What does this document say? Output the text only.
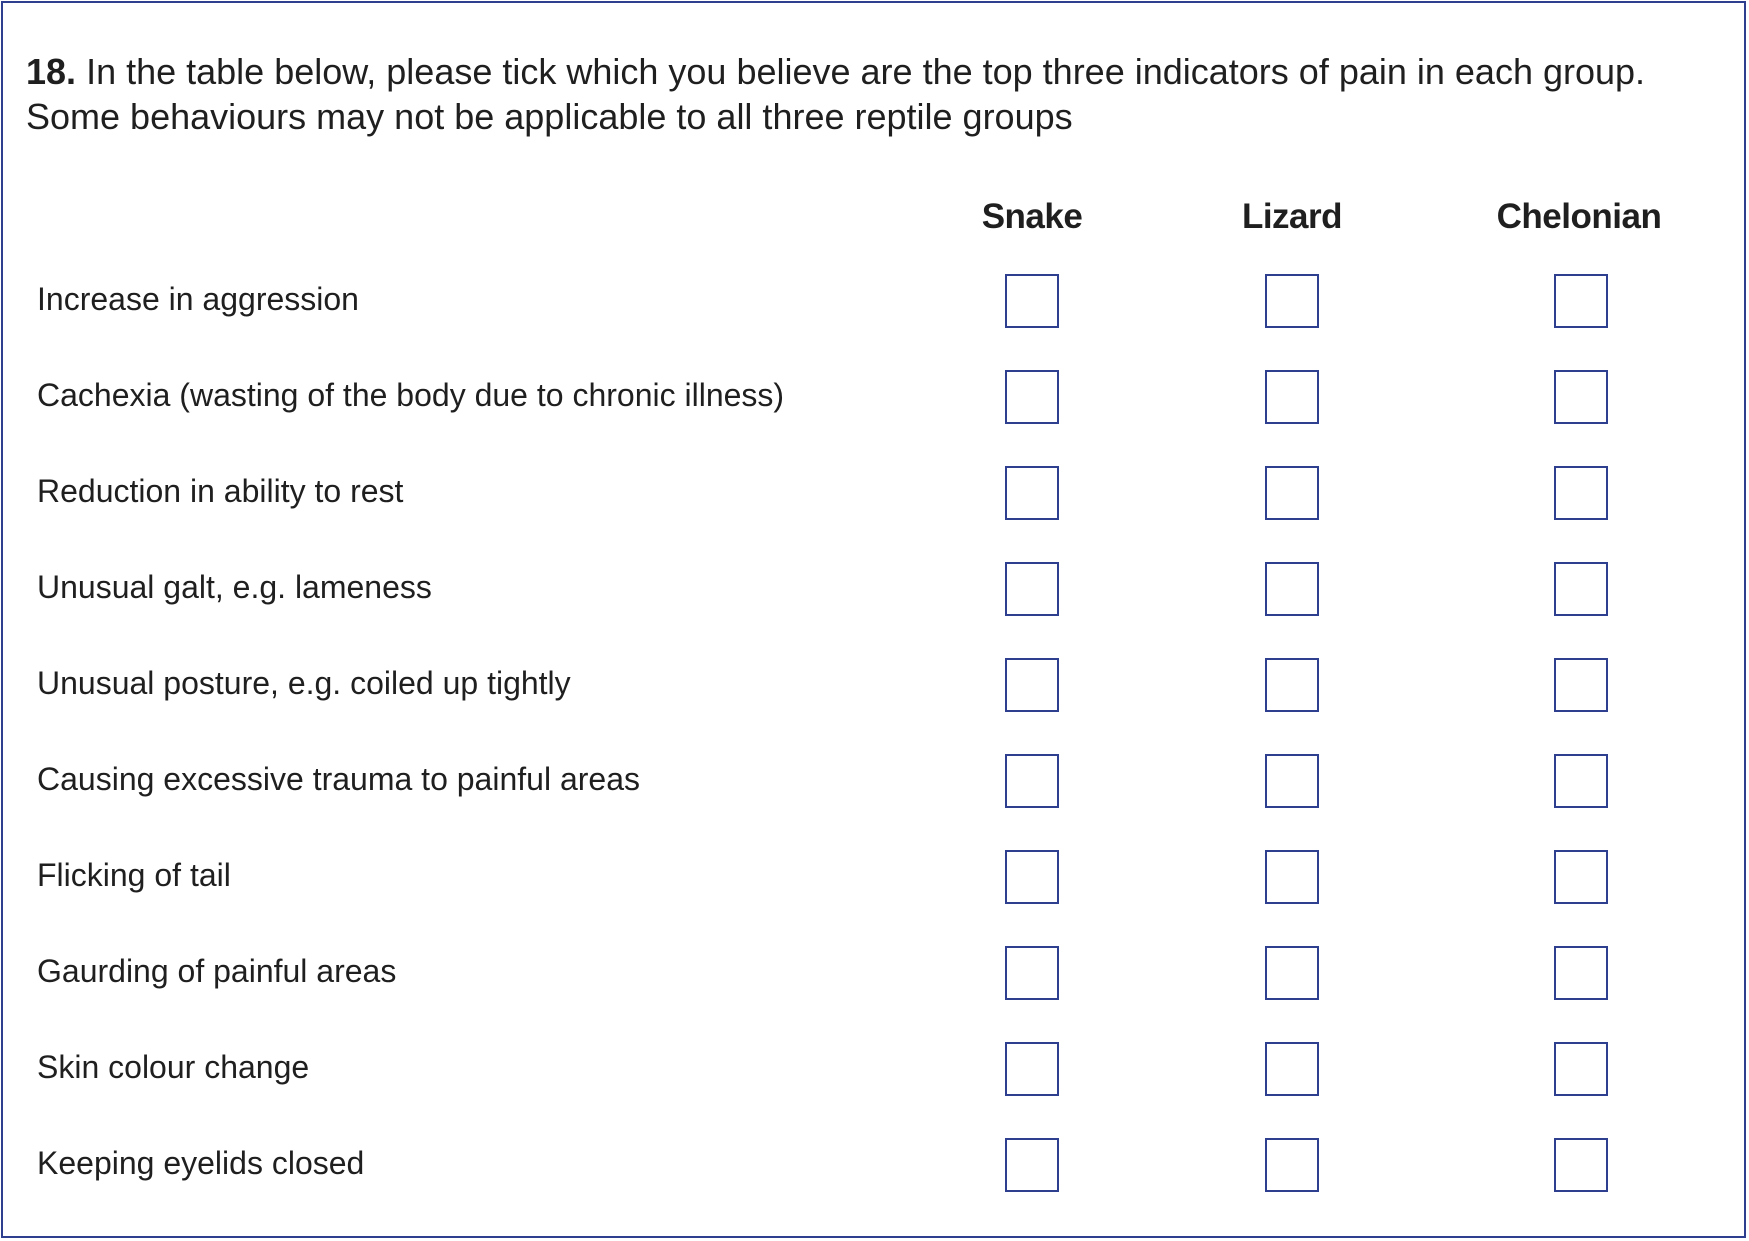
18. In the table below, please tick which you believe are the top three indicators of pain in each group.
Some behaviours may not be applicable to all three reptile groups
Snake	Lizard	Chelonian
Increase in aggression
Cachexia (wasting of the body due to chronic illness)
Reduction in ability to rest
Unusual galt, e.g. lameness
Unusual posture, e.g. coiled up tightly
Causing excessive trauma to painful areas
Flicking of tail
Gaurding of painful areas
Skin colour change
Keeping eyelids closed
